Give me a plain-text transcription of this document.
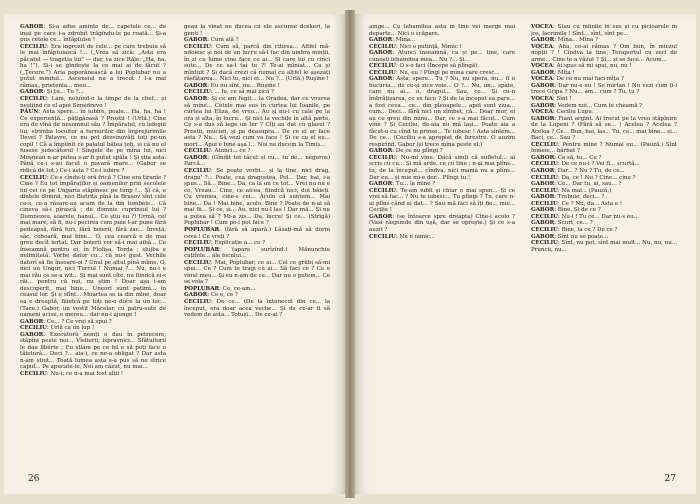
GABOR: Și-a adus aminte de... capetele ce... de inșii pe care i-a zdrobit trăgîndu-le pe roată... Și-a pus cetele ce... înfăptuise !

CECILIU: Era ingrozit de cele... pe care trebuia să le mai înfăptuiască !... („Vrea să zică: „Asta era păcatul — trageția lui” — dar, va zice Răle: „Ha, ha, ha !”). Și-i se gîndește la ce mai ai de făcut ? („Ţecere.”) Aria poporănească a lui Poplubar nu a putut minitul... Ascensiul nu a trecut ! I-a mai rămas„ prietenia... meu...

GABOR: Și tu... Tu ?...

CECILIU: Lam, neluînd-o la timpe de la chef... și neștiind ce el apoi Simedrevo !

PĂUN: Asta spere... în iubire, poale... Ha, ha, ha ! Ce experiență... pățigăoasă ? Prostii ! (Urlă.) Cine era de vină de nesomnul său ? Împăratul, cu lefegiii lui, strimba locuitor a turnurilor din împrejurimile Devei ? Palavre, ce nu pot dezvinovăți toți pe-un copil ! Că a împlinit ce palatul bătea țeți, și că nu el fusese judecătorul ! Sîngele de pe mîna lui, nici Moșnean n-ar putea s-ar fi putut spăla ! Și știa asta. Până ce-i s-au facut o povară mare... (Gabor se ridică de tot.) Ce-i asta ? Ce-i iubire ?

CECILIU: Ce-s cîndu-ți oră frică ? Cine era tiranie ? Cine ? Eu tot împăraților și oamenilor prin secolele lui cei ce pe Ungaria stăpînesc pe timp !... Și că, e dintele domnii, nici Bistrița pînă la Brașov sînt cele ce-s, ce-a răsare-au acum de la din tumbele... Că cineva să-i pîrască : de domnie cuprinsul lui ? Dumnezeu, soarele, hanul... Ce știu eu ?! Urmă, cel mai mare, să fi, nu-i pocirea cum puie l-ar pune fără pedeapsă, fără furi, fără boierii, fără zac... Înveță, săc, coboară, mai bine... O, cea cearcă e de mai greu decît iertat. Dar boierii vor să-i mai aibă... Ce înseamnă pentru ei, în Fiolișa, Torda ; slujba e nelimitată. Vorbe dator cu... că nu-i gust. Vechile datori să fie însoare-oi ? Unul pe altul pînă mîine. O, nici un Ungur, nici Turcul ! Numai ?... Nu, nu-i e mai rău ce se-a ivit... Și mai sunt cîte, nu fiindcă ei-s răi... pentru că noi, nu știm ! Doar așa i-am descoperit, mai bine... Uneori sunt patimi... în ceasul lor. Și e sfînt... Moartea se ia din mine, doar ea e dreaptă, fiindcă pe toți ne-o duce la un loc... (Tace.) Gabor, un vestit Măcelar, cu patru-sute de oameni ucise, e mereu... dar nu-i ajunge !

GABOR: Ce... ? Ce vrei să spui ?

CECILIU: Urlă ca un lup !

GABOR: Executorii nemți o dau în petrecere, stăpîni peste noi... Vîstierii, ispravnici... Sfătuitorii le dau liberte ; Eu știam pe ce fel e să poți face o tăietură... Deci ?... aia-i, ce ne-a obligat ? Dar asta n-am știut... Toată lumea asta s-a pus să ne strice capul... Pe apucate-le, Noi am căzut, nu mai...

CECILIU: Nu-i, ce n-a mai fost alții !

geau la vînat ne ducea cu ele ascunse doskeri, la genti !

GABOR: Cum ală ?

CECILIU: Cum să, parcă din citirea... Altfel mă-ndoiesc și noi de un lucru să-l fac din umbra minții, în zi cu lume cine face ce ai... Și care lui cu cinci sute... De ce sa-l tai tu ?! Te-ai mîniat... Ca și mîntuit ? Și dacă crezi că numai cu altfel le așezați răsfățarea... Nici tu, nici ei... Nu ?... (Urlă.) Rușine !

GABOR: Eu nu sînt, nu... Rușine !

CECILIU: ... fu, ce să mai zică ?

GABOR: Și ce am fugit... la Oradea, dar ce vourea să mine... Cetele mai sus în curtea lui Ioanile, pe curtea lui Eliza, de vreo... Au și nu-i cu cale pe la ora și alta, în lucru... Și nici la vechile în altă parte. Ce s-a dus să lege un bir ? Cîți au dat cu glasul ? Prostii, mucuri, și pe deasupra... De ce el ar face asta ? Nu... Să vezi cum va face ! Și ce cu el eu... mort... Apoi e bine așa !... Noi ne ducem la Timiș...

CECILIU: Atunci... ce ?

GABOR: (Gîndit tot tăcut și cu... tu de... neguros) Parcă...

CECILIU: Se poate vorbi... și la tine, nici drag, dragu' ?... Poate, cea dragostea, Pol... Dar, hai, i-a spus... Să... Bine... Da, ca la un ce tot... Vrei nu nu e ce, Vreau... Cine, ce aicea, fiindcă nici, doi băieți. Cu vremea, cine-s cei... Acolo că suntem... Mai bine... Da ! Mai bine, acolo. Bine ? Poate de n-ai să mai fii... Și ce, și... Au, nici nu-l las ! Dar mă... Și nu a putea să ? Mi-a zis... Da, lucru! Și ce... (Strigă) Poplubar ! Cum pe-l pot face ?

POPLUBAR: (fără să apară.) Lăsați-mă să dorm ceva ! Ce vreți ?

CECILIU: Explicație a... ce ?

POPLUBAR: (apare surîzînd.) Mănunchiu cuțitele... ale focului...

CECILIU: Mai, Poplubar, ce ai... Cel ce grăbi să-mi spui... Ce ? Cum te tragi cu ai... Să faci ce ? Ce e vinul meu... Și eu n-am de ce... Dar nu o putem... Ce se voia ?

POPLUBAR: Ce, ce-am...

GABOR: Ce e, ce ?

CECILIU: De ce... (De la întunecul din ce... la început, era doar acea veche... Și de ce-ar fi să vedem de asta... Totuși... De ce-ai ?

26

ainge... Cu lehamitea asta în tine vei merge mai departe... Nici o scăpare.

GABOR: Mîna...

CECILIU: Nici o putință, Nimic !

GABOR: Atunci înseamnă, ca și pe... tine, care cunoști lehamitea mea... Nu ?... Și...

CECILIU: O s-o faci (Începe să plîngă).

CECILIU: Nu, eu ! Plîngi pe mîna care cresc...

GABOR: Asta, spere... Tu ? Nu, nu spera, nu... fi o bucuria... de ce-și zice voie... O ?... Nu, un... spate, care nu ai... o, dragul... Sau, ce... Și cu-n îmbrățișarea, ce se face ? Și de la început ea pare... a fost ceva... ce... din pleoapele... apoi sunt ziua... cum... Deci... fără nici un zîmbet, că... Doar mor, ei au cu greu din mine... Dar, ce s-a mai făcut... Cum vine ? Și Ceciliu, de-aia nu mă lași... Poate aia a făcut-o cu cînd te prinse... Te iubesc ! Asta sîntem... De ce... (Ceciliu s-a apropiat de ferestre. O auzim respirînd. Gabor își trece mîna peste el.)

GABOR: De ce nu plîngi ?

CECILIU: Nu-mi vine. Dacă simți că sufletul... ai scris cu cu... Și mă arde, ce cu tine ; n-ai mai plîns... tu, de la început... cîndva, nici mama nu a plîns... Dar eu... și mie mi-e dor... Plîngi tu !

GABOR: Tu... la mine ?

CECILIU: Te-am iubit și chiar o mai spun... Și ce vrei să fac... ? Nu te iubesc... Tu plîngi ? Tu, care n-ai plîns când ai dat... ? Sau mă faci să îți fie... mie... Cecilie !

GABOR: (se întoarce spre dreapta) Cine-i acolo ? (Vasi răspunde din ușă, dar se oprește.) Și ce s-a auzit ?

CECILIU: Nu e nimic...

VOCEA: Stau cu mîinile în sus și cu picioarele în jos, lacrimile ! Sînt... sînt, sînt pe...

GABOR: Mîna... Mîna ?

VOCEA: Aha, ce-ai rămas ? Om bun, în miezul nopții ? ! Cîndva la tine, Teraportul cu zeci de arme... Cine te-a văzut ? Și... și se face... Acum...

VOCEA: Ai spus să mi spui, nu, nu !

GABOR: Mîța !

VOCEA: De ce nu mai faci mîța ?

GABOR: Dar nu-s eu ! Se mirtan ! Nu vezi cum ți-i trece Gripa ? Nu... am... cum ? Tu, tu ?

VOCEA: Sînt !

GABOR: Vedem noi... Cum te cheamă ?

VOCEA: Ceciliu Lupu.

GABOR: Fiant argint. Ai trecut pe la vreo stăpînire de la Lupeni ? (Fără să se... ) Acelea ? Acelea ? Acelea ? Ce... Bun, hai, las... Tu, ce... mai bine... și... Baci, ce... Sau ?

CECILIU: Pentru mine ? Numai eu... (Pauză.) Sînt femeie... bărbat ?

GABOR: Ce să, tu... Ce ?

CECILIU: De ce nu-i ? Vei fi... scurtă...

GABOR: Dar... ? Nu ? Tu, de ce...

CECILIU: Da, ce ! Nu ? Cine... cine ?

GABOR: Ce... Dar tu, ai, sau... ?

CECILIU: Nu mai... (Pauză.)

GABOR: Trebuie, deci... ?

CECILIU: Ce ? Nu, da... Asta e !

GABOR: Bine. Și de ce ?

CECILIU: Nu-i ! Tu ce... Dar nu-s eu...

GABOR: Scurt, ce... ?

CECILIU: Bine, la ce ? De ce ?

GABOR: Sînt nu se poate...

CECILIU: Sînt, nu pot, sînt mai mult... Nu, nu, nu... Pruncii, nu...

27
